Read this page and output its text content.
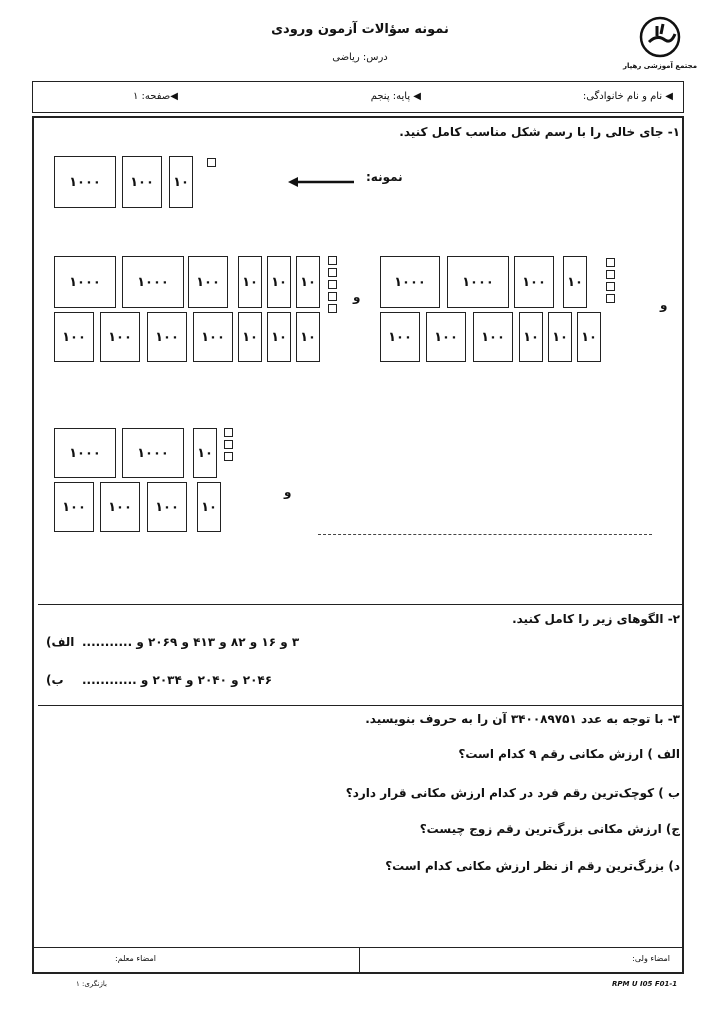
نمونه سؤالات آزمون ورودی
درس: ریاضی
مجتمع آموزشی رهپار
◀ نام و نام خانوادگی:
◀ پایه: پنجم
◀صفحه: ۱
۱- جای خالی را با رسم شکل مناسب کامل کنید.
۱۰۰۰ ۱۰۰ ۱۰	نمونه:
۱۰۰۰	۱۰۰۰ ۱۰۰ ۱۰ ۱۰ ۱۰
۱۰۰ ۱۰۰ ۱۰۰ ۱۰۰ ۱۰ ۱۰ ۱۰
و
۱۰۰۰	۱۰۰۰ ۱۰۰ ۱۰
۱۰۰ ۱۰۰ ۱۰۰ ۱۰ ۱۰ ۱۰
و
۱۰۰۰	۱۰۰۰ ۱۰
۱۰۰ ۱۰۰ ۱۰۰ ۱۰
و
۲- الگوهای زیر را کامل کنید.
(الف ۳ و ۱۶ و ۸۲ و ۴۱۳ و ۲۰۶۹ و ...........
(ب ۲۰۴۶ و ۲۰۴۰ و ۲۰۳۴ و ............
۳- با توجه به عدد ۳۴۰۰۸۹۷۵۱ آن را به حروف بنویسید.
الف ) ارزش مکانی رقم ۹ کدام است؟
ب ) کوچک‌ترین رقم فرد در کدام ارزش مکانی قرار دارد؟
ج) ارزش مکانی بزرگ‌ترین رقم زوج چیست؟
د) بزرگ‌ترین رقم از نظر ارزش مکانی کدام است؟
امضاء ولی:
امضاء معلم:
بازنگری: ۱	RPM U I05 F01-1
